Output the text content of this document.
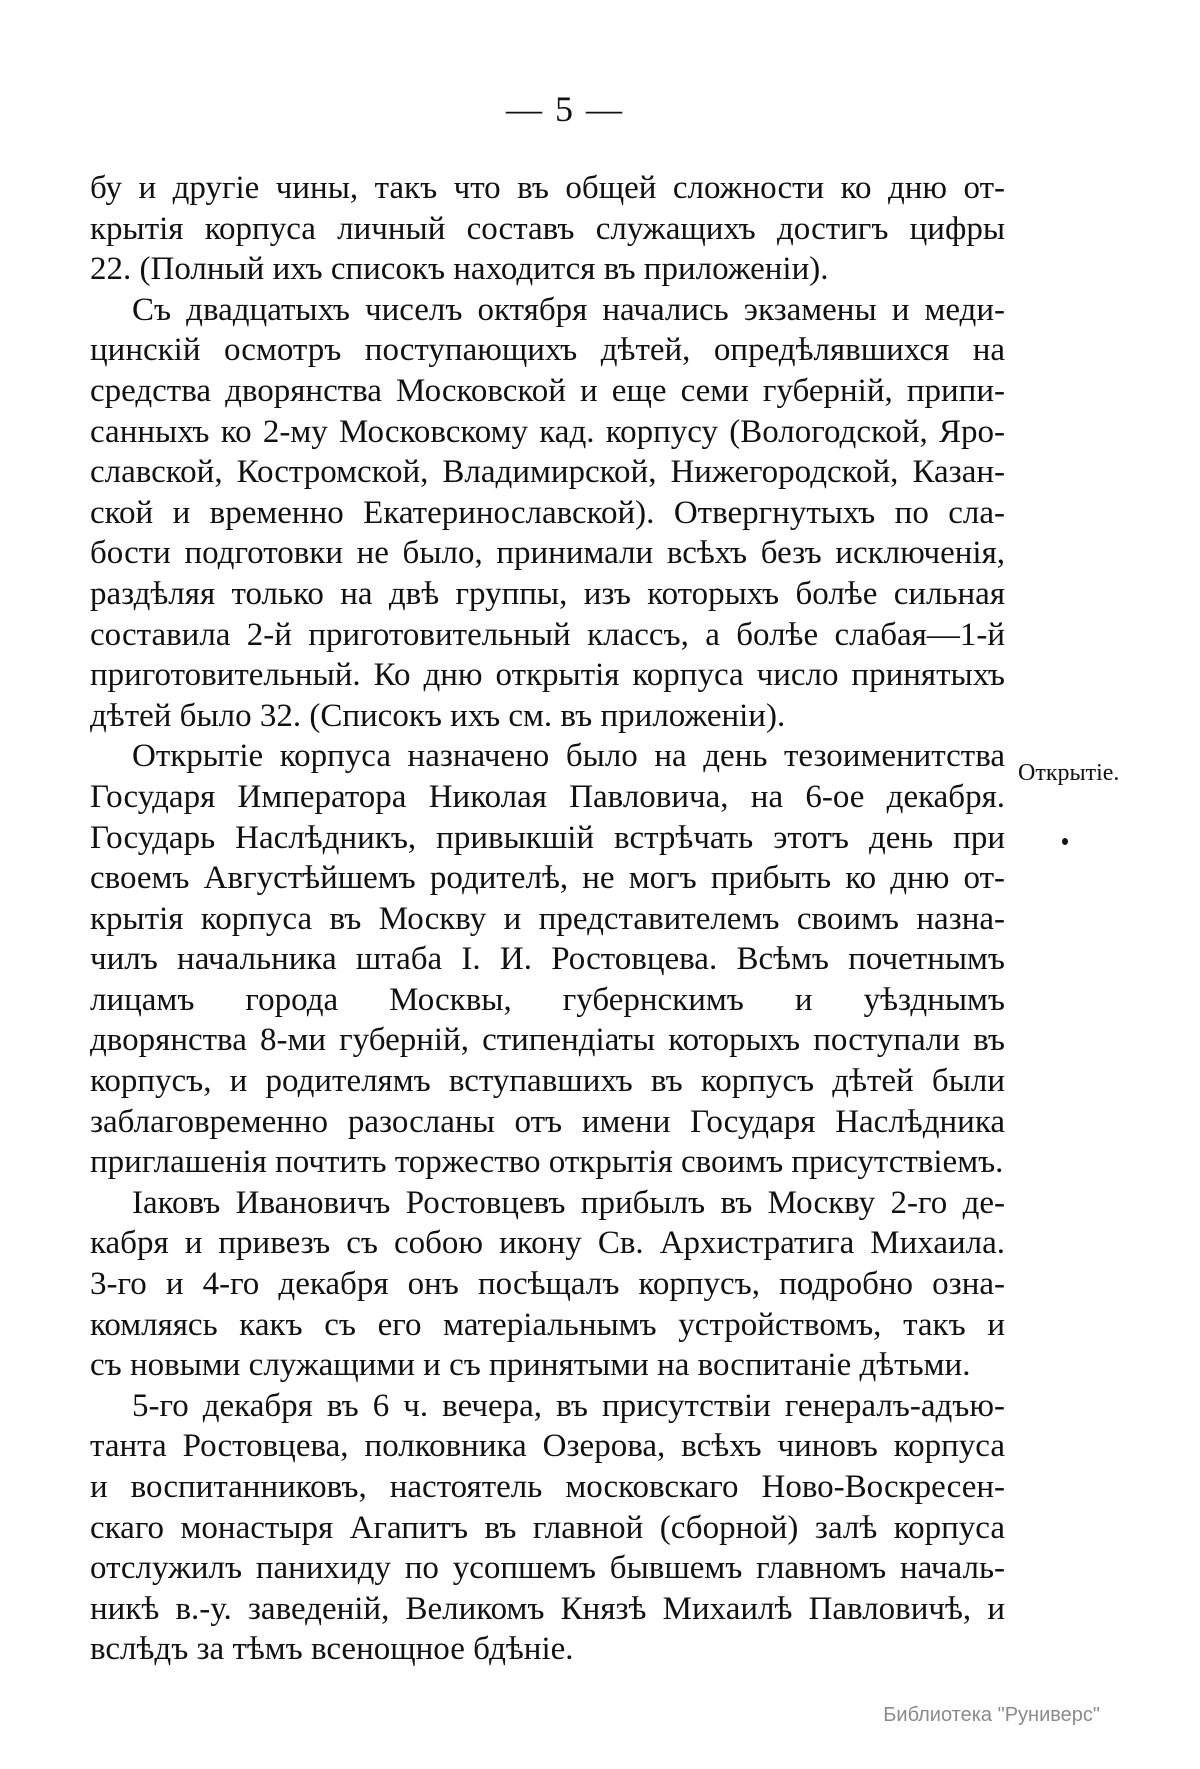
— 5 —
бу и другіе чины, такъ что въ общей сложности ко дню от-
крытія корпуса личный составъ служащихъ достигъ цифры
22. (Полный ихъ списокъ находится въ приложеніи).
Съ двадцатыхъ чиселъ октября начались экзамены и меди-
цинскій осмотръ поступающихъ дѣтей, опредѣлявшихся на
средства дворянства Московской и еще семи губерній, припи-
санныхъ ко 2-му Московскому кад. корпусу (Вологодской, Яро-
славской, Костромской, Владимирской, Нижегородской, Казан-
ской и временно Екатеринославской). Отвергнутыхъ по сла-
бости подготовки не было, принимали всѣхъ безъ исключенія,
раздѣляя только на двѣ группы, изъ которыхъ болѣе сильная
составила 2-й приготовительный классъ, а болѣе слабая—1-й
приготовительный. Ко дню открытія корпуса число принятыхъ
дѣтей было 32. (Списокъ ихъ см. въ приложеніи).
Открытіе корпуса назначено было на день тезоименитства
Государя Императора Николая Павловича, на 6-ое декабря.
Государь Наслѣдникъ, привыкшій встрѣчать этотъ день при
своемъ Августѣйшемъ родителѣ, не могъ прибыть ко дню от-
крытія корпуса въ Москву и представителемъ своимъ назна-
чилъ начальника штаба I. И. Ростовцева. Всѣмъ почетнымъ
лицамъ города Москвы, губернскимъ и уѣзднымъ
дворянства 8-ми губерній, стипендіаты которыхъ поступали въ
корпусъ, и родителямъ вступавшихъ въ корпусъ дѣтей были
заблаговременно разосланы отъ имени Государя Наслѣдника
приглашенія почтить торжество открытія своимъ присутствіемъ.
Іаковъ Ивановичъ Ростовцевъ прибылъ въ Москву 2-го де-
кабря и привезъ съ собою икону Св. Архистратига Михаила.
3-го и 4-го декабря онъ посѣщалъ корпусъ, подробно озна-
комляясь какъ съ его матеріальнымъ устройствомъ, такъ и
съ новыми служащими и съ принятыми на воспитаніе дѣтьми.
5-го декабря въ 6 ч. вечера, въ присутствіи генералъ-адъю-
танта Ростовцева, полковника Озерова, всѣхъ чиновъ корпуса
и воспитанниковъ, настоятель московскаго Ново-Воскресен-
скаго монастыря Агапитъ въ главной (сборной) залѣ корпуса
отслужилъ панихиду по усопшемъ бывшемъ главномъ началь-
никѣ в.-у. заведеній, Великомъ Князѣ Михаилѣ Павловичѣ, и
вслѣдъ за тѣмъ всенощное бдѣніе.
Открытіе.
Библиотека "Руниверс"
